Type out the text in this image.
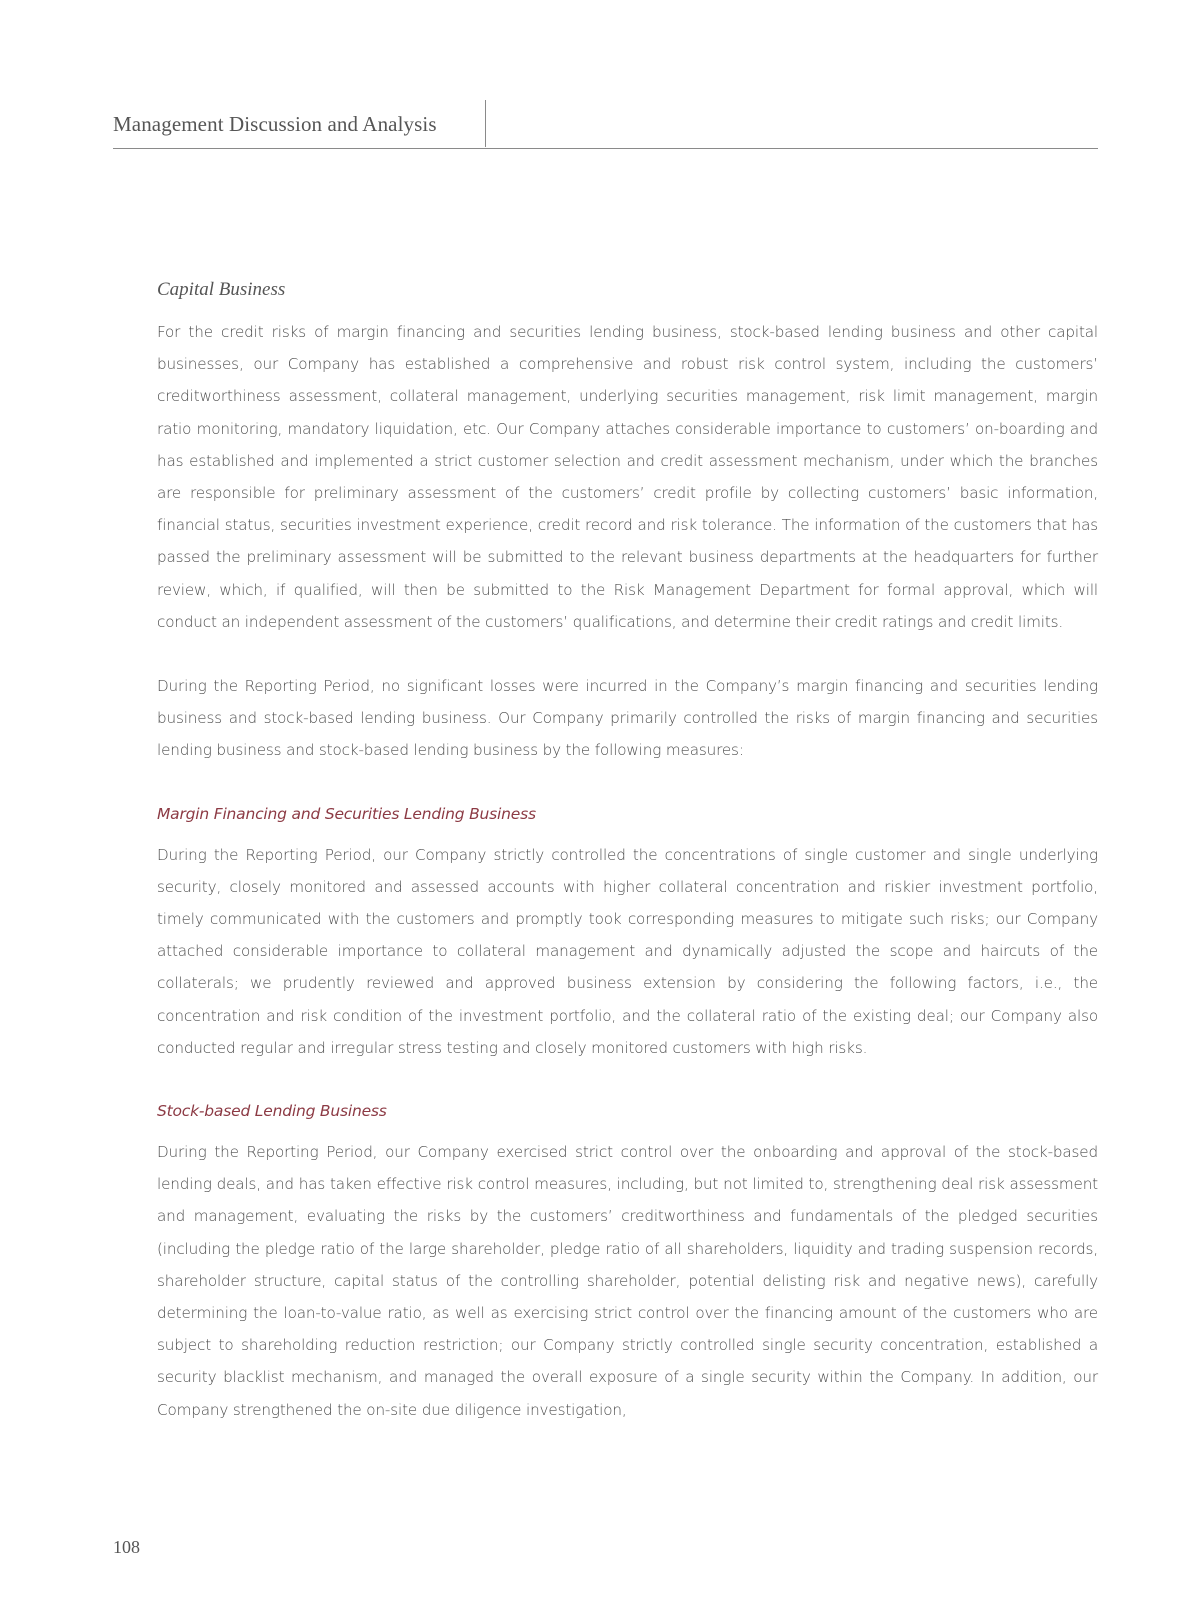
Management Discussion and Analysis
Capital Business

For the credit risks of margin financing and securities lending business, stock-based lending business and other capital businesses, our Company has established a comprehensive and robust risk control system, including the customers’ creditworthiness assessment, collateral management, underlying securities management, risk limit management, margin ratio monitoring, mandatory liquidation, etc. Our Company attaches considerable importance to customers’ on-boarding and has established and implemented a strict customer selection and credit assessment mechanism, under which the branches are responsible for preliminary assessment of the customers’ credit profile by collecting customers’ basic information, financial status, securities investment experience, credit record and risk tolerance. The information of the customers that has passed the preliminary assessment will be submitted to the relevant business departments at the headquarters for further review, which, if qualified, will then be submitted to the Risk Management Department for formal approval, which will conduct an independent assessment of the customers’ qualifications, and determine their credit ratings and credit limits.

During the Reporting Period, no significant losses were incurred in the Company’s margin financing and securities lending business and stock-based lending business. Our Company primarily controlled the risks of margin financing and securities lending business and stock-based lending business by the following measures:

Margin Financing and Securities Lending Business

During the Reporting Period, our Company strictly controlled the concentrations of single customer and single underlying security, closely monitored and assessed accounts with higher collateral concentration and riskier investment portfolio, timely communicated with the customers and promptly took corresponding measures to mitigate such risks; our Company attached considerable importance to collateral management and dynamically adjusted the scope and haircuts of the collaterals; we prudently reviewed and approved business extension by considering the following factors, i.e., the concentration and risk condition of the investment portfolio, and the collateral ratio of the existing deal; our Company also conducted regular and irregular stress testing and closely monitored customers with high risks.

Stock-based Lending Business

During the Reporting Period, our Company exercised strict control over the onboarding and approval of the stock-based lending deals, and has taken effective risk control measures, including, but not limited to, strengthening deal risk assessment and management, evaluating the risks by the customers’ creditworthiness and fundamentals of the pledged securities (including the pledge ratio of the large shareholder, pledge ratio of all shareholders, liquidity and trading suspension records, shareholder structure, capital status of the controlling shareholder, potential delisting risk and negative news), carefully determining the loan-to-value ratio, as well as exercising strict control over the financing amount of the customers who are subject to shareholding reduction restriction; our Company strictly controlled single security concentration, established a security blacklist mechanism, and managed the overall exposure of a single security within the Company. In addition, our Company strengthened the on-site due diligence investigation,

108
